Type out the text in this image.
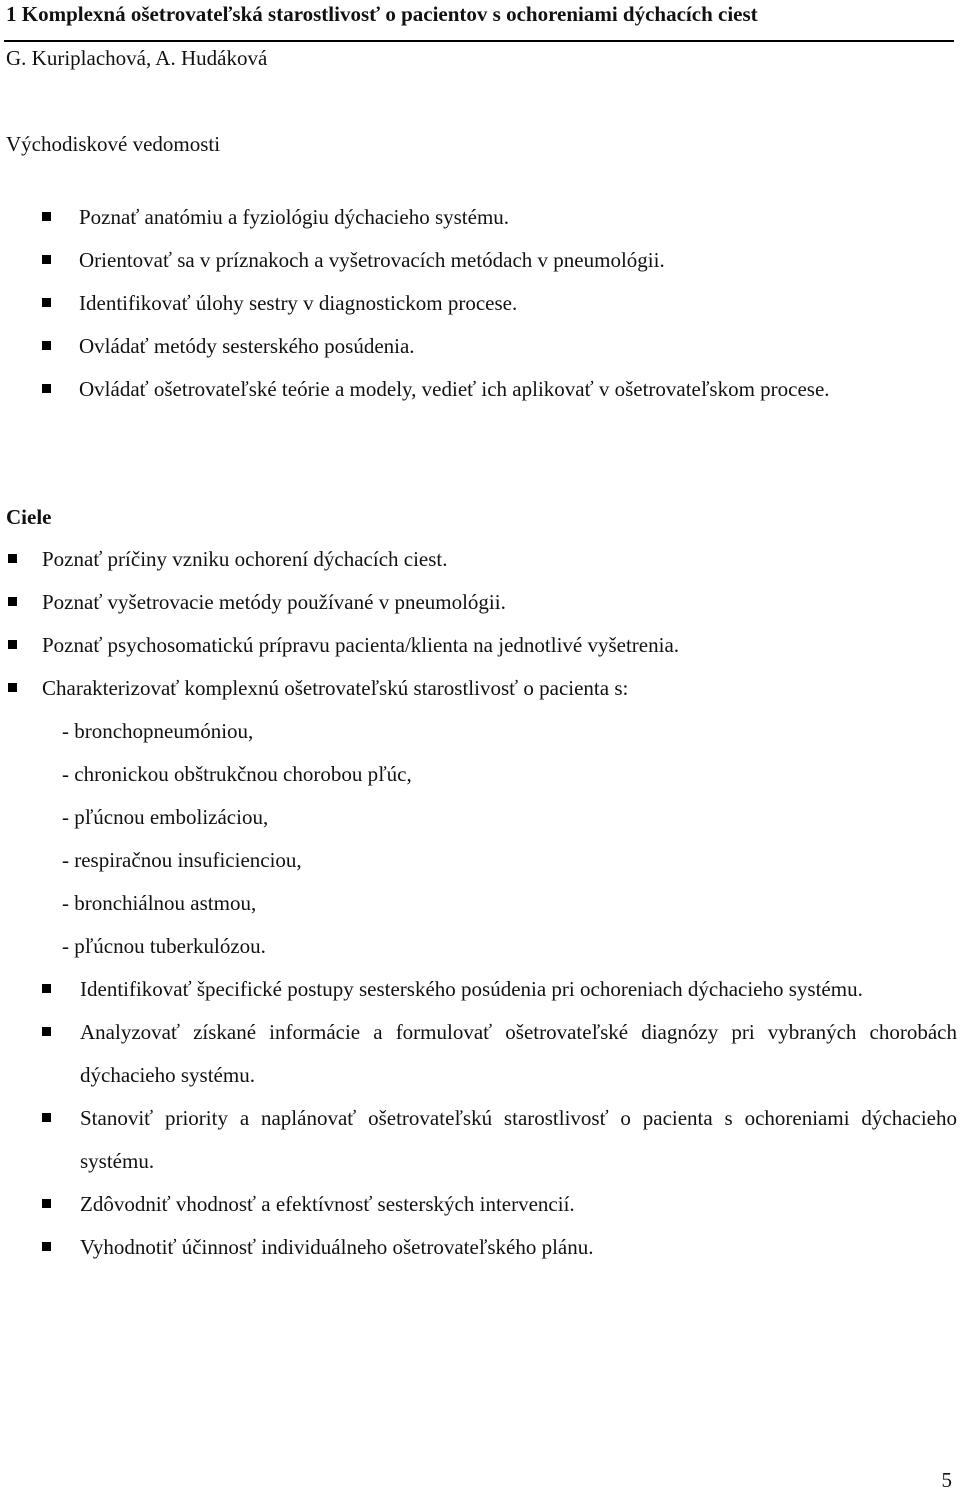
1 Komplexná ošetrovateľská starostlivosť o pacientov s ochoreniami dýchacích ciest
G. Kuriplachová, A. Hudáková
Východiskové vedomosti
Poznať anatómiu a fyziológiu dýchacieho systému.
Orientovať sa v príznakoch a vyšetrovacích metódach v pneumológii.
Identifikovať úlohy sestry v diagnostickom procese.
Ovládať metódy sesterského posúdenia.
Ovládať ošetrovateľské teórie a modely, vedieť ich aplikovať v ošetrovateľskom procese.
Ciele
Poznať príčiny vzniku ochorení dýchacích ciest.
Poznať vyšetrovacie metódy používané v pneumológii.
Poznať psychosomatickú prípravu pacienta/klienta na jednotlivé vyšetrenia.
Charakterizovať komplexnú ošetrovateľskú starostlivosť o pacienta s:
- bronchopneumóniou,
- chronickou obštrukčnou chorobou pľúc,
- pľúcnou embolizáciou,
- respiračnou insuficienciou,
- bronchiálnou astmou,
- pľúcnou tuberkulózou.
Identifikovať špecifické postupy sesterského posúdenia pri ochoreniach dýchacieho systému.
Analyzovať získané informácie a formulovať ošetrovateľské diagnózy pri vybraných chorobách dýchacieho systému.
Stanoviť priority a naplánovať ošetrovateľskú starostlivosť o pacienta s ochoreniami dýchacieho systému.
Zdôvodniť vhodnosť a efektívnosť sesterských intervencií.
Vyhodnotiť účinnosť individuálneho ošetrovateľského plánu.
5
